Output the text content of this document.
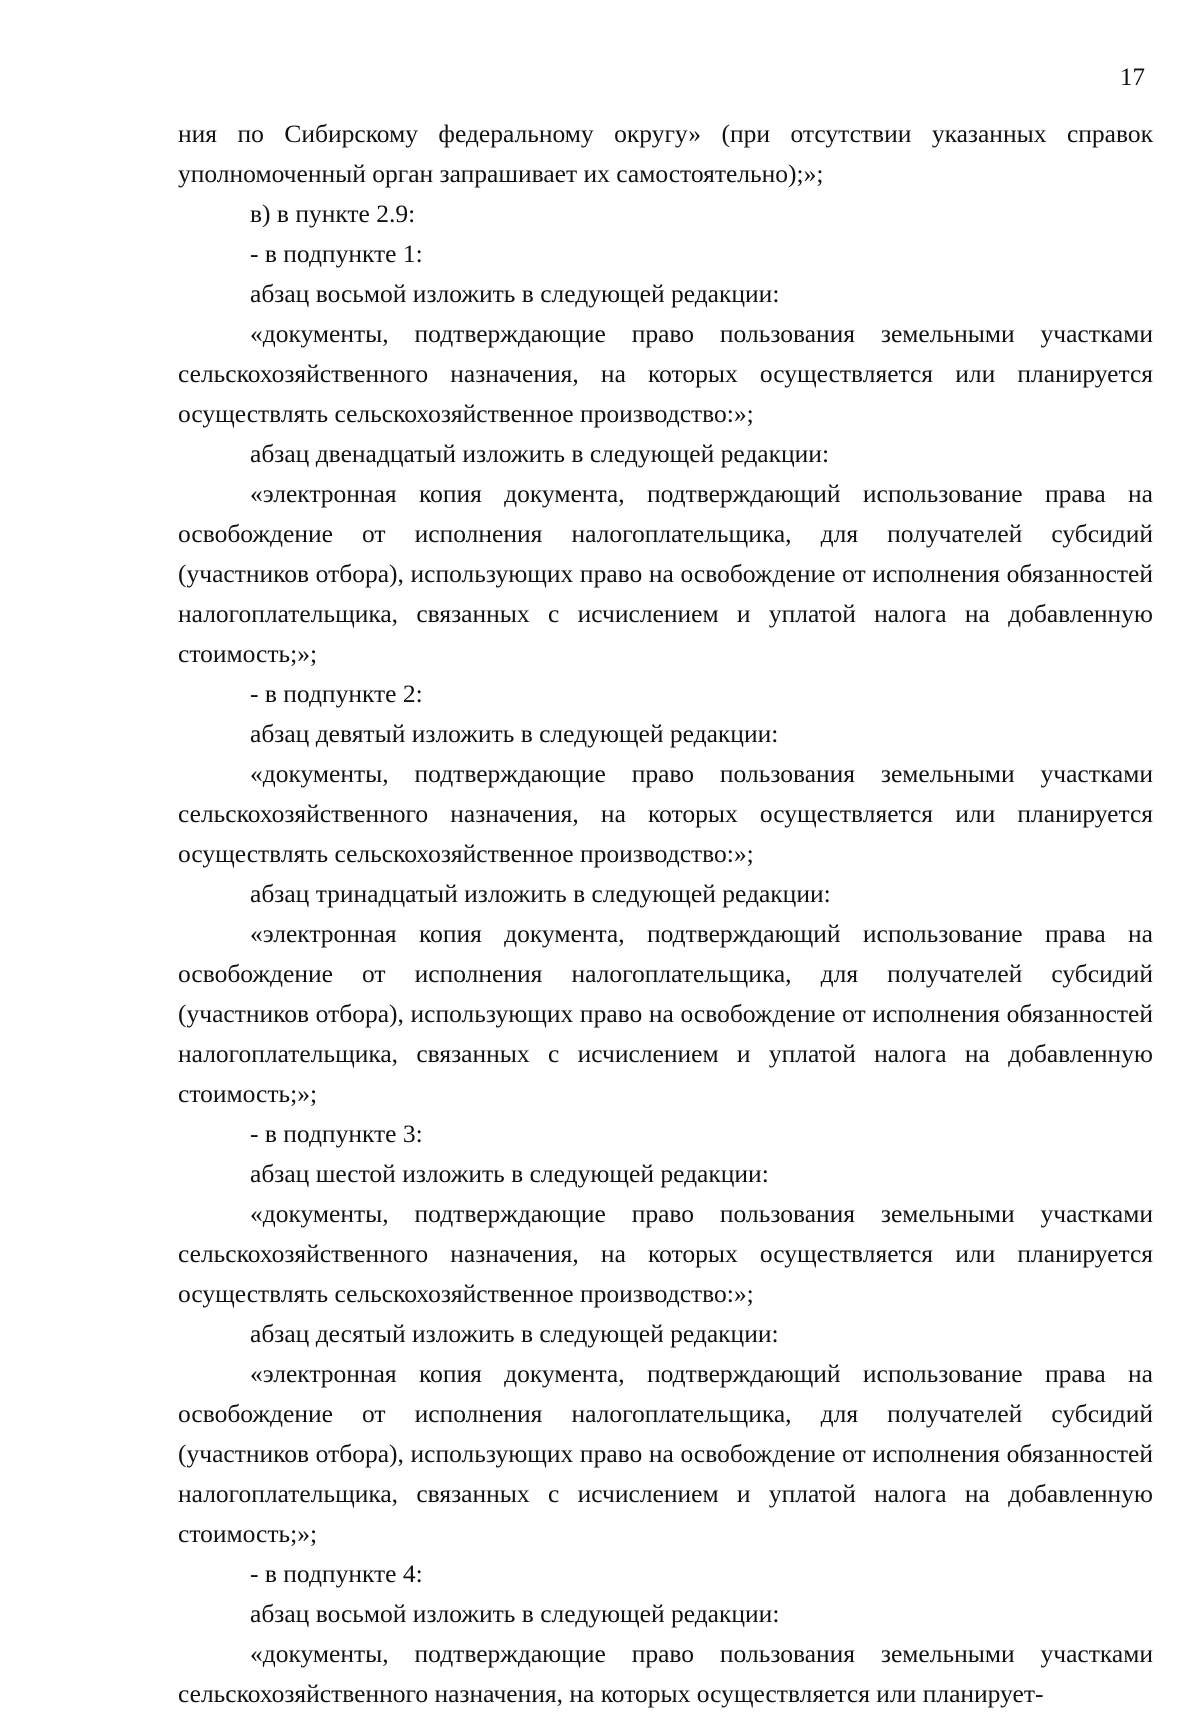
17

ния по Сибирскому федеральному округу» (при отсутствии указанных справок уполномоченный орган запрашивает их самостоятельно);»;

в) в пункте 2.9:

- в подпункте 1:

абзац восьмой изложить в следующей редакции:

«документы, подтверждающие право пользования земельными участками сельскохозяйственного назначения, на которых осуществляется или планируется осуществлять сельскохозяйственное производство:»;

абзац двенадцатый изложить в следующей редакции:

«электронная копия документа, подтверждающий использование права на освобождение от исполнения налогоплательщика, для получателей субсидий (участников отбора), использующих право на освобождение от исполнения обязанностей налогоплательщика, связанных с исчислением и уплатой налога на добавленную стоимость;»;

- в подпункте 2:

абзац девятый изложить в следующей редакции:

«документы, подтверждающие право пользования земельными участками сельскохозяйственного назначения, на которых осуществляется или планируется осуществлять сельскохозяйственное производство:»;

абзац тринадцатый изложить в следующей редакции:

«электронная копия документа, подтверждающий использование права на освобождение от исполнения налогоплательщика, для получателей субсидий (участников отбора), использующих право на освобождение от исполнения обязанностей налогоплательщика, связанных с исчислением и уплатой налога на добавленную стоимость;»;

- в подпункте 3:

абзац шестой изложить в следующей редакции:

«документы, подтверждающие право пользования земельными участками сельскохозяйственного назначения, на которых осуществляется или планируется осуществлять сельскохозяйственное производство:»;

абзац десятый изложить в следующей редакции:

«электронная копия документа, подтверждающий использование права на освобождение от исполнения налогоплательщика, для получателей субсидий (участников отбора), использующих право на освобождение от исполнения обязанностей налогоплательщика, связанных с исчислением и уплатой налога на добавленную стоимость;»;

- в подпункте 4:

абзац восьмой изложить в следующей редакции:

«документы, подтверждающие право пользования земельными участками сельскохозяйственного назначения, на которых осуществляется или планирует-
